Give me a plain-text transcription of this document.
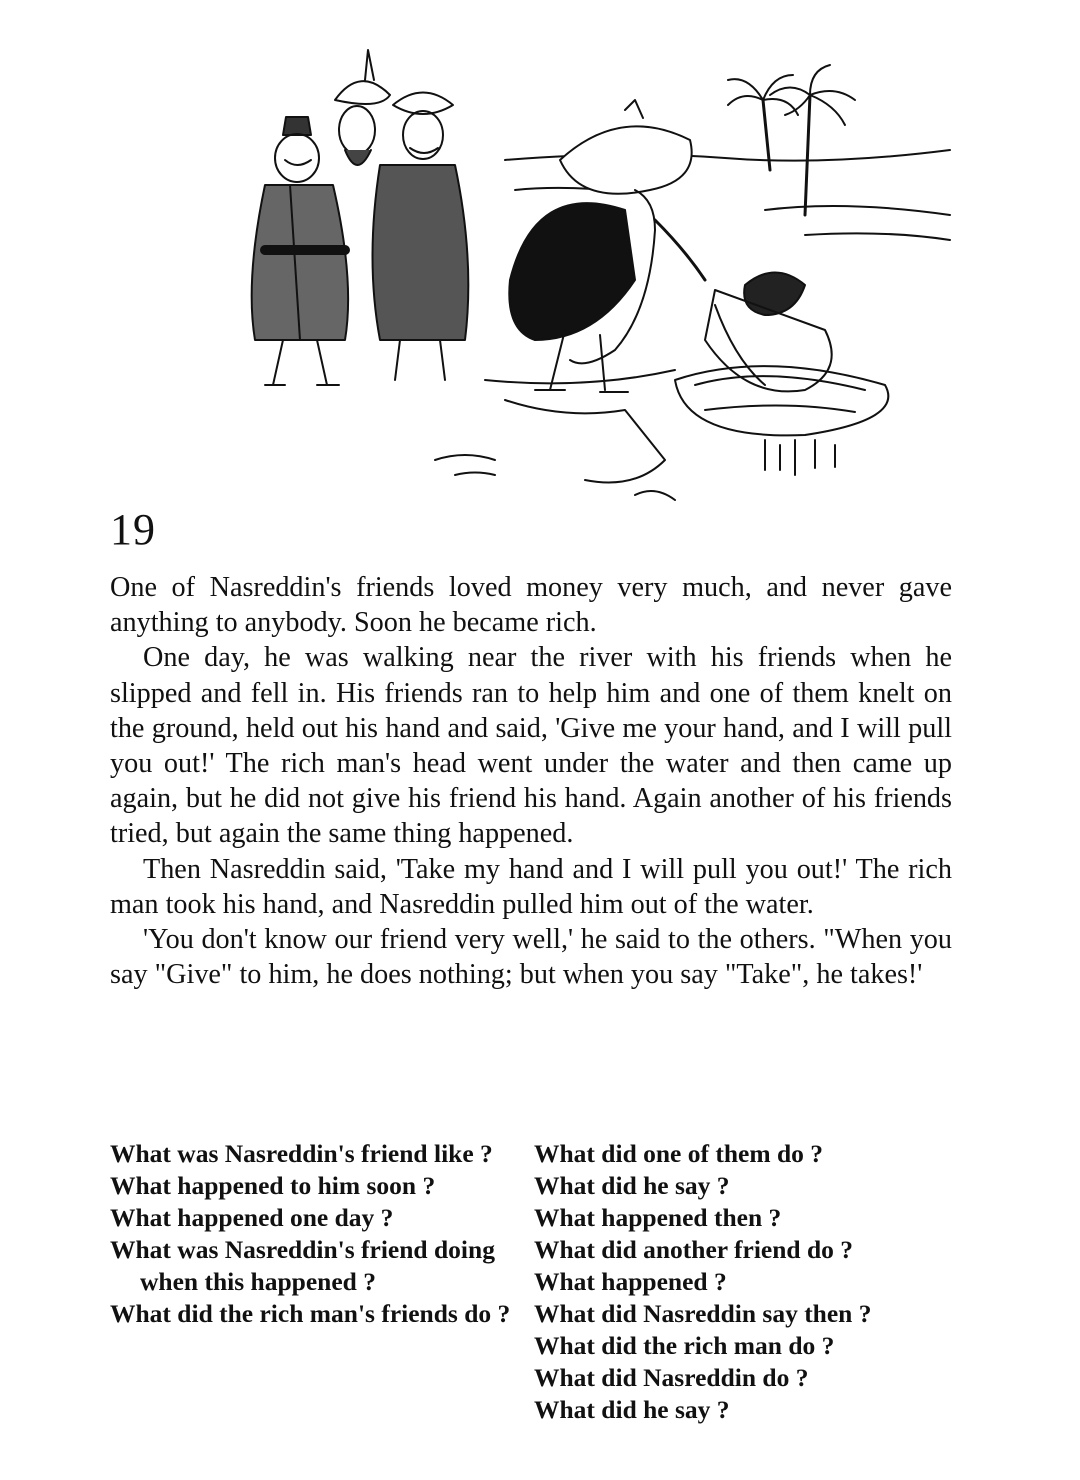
19

One of Nasreddin's friends loved money very much, and never gave anything to anybody. Soon he became rich.

One day, he was walking near the river with his friends when he slipped and fell in. His friends ran to help him and one of them knelt on the ground, held out his hand and said, 'Give me your hand, and I will pull you out!' The rich man's head went under the water and then came up again, but he did not give his friend his hand. Again another of his friends tried, but again the same thing happened.

Then Nasreddin said, 'Take my hand and I will pull you out!' The rich man took his hand, and Nasreddin pulled him out of the water.

'You don't know our friend very well,' he said to the others. "When you say "Give" to him, he does nothing; but when you say "Take", he takes!'

What was Nasreddin's friend like ?
What happened to him soon ?
What happened one day ?
What was Nasreddin's friend doing when this happened ?
What did the rich man's friends do ?
What did one of them do ?
What did he say ?
What happened then ?
What did another friend do ?
What happened ?
What did Nasreddin say then ?
What did the rich man do ?
What did Nasreddin do ?
What did he say ?
